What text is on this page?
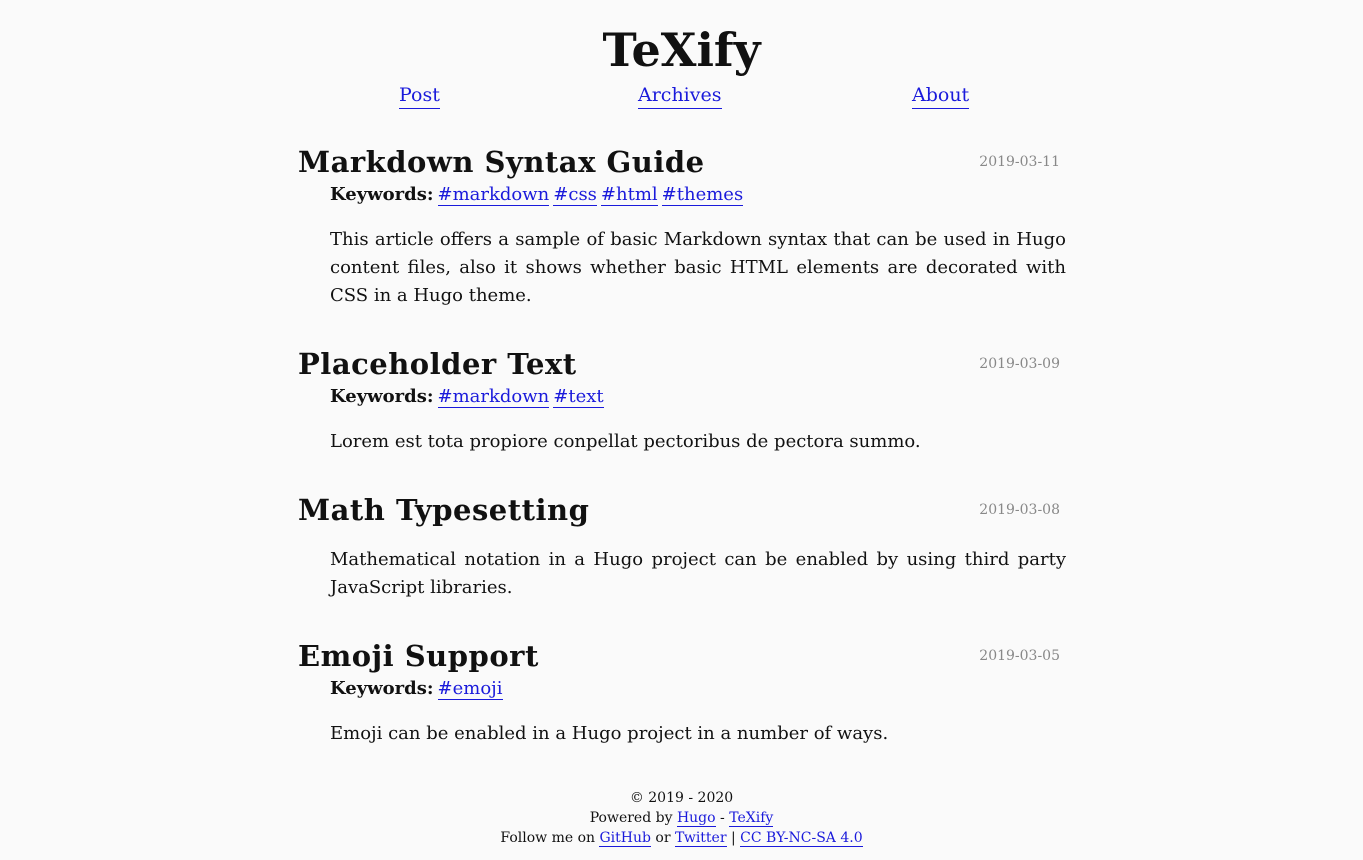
TeXify
Post	Archives	About
Markdown Syntax Guide	2019-03-11
Keywords: #markdown #css #html #themes

This article offers a sample of basic Markdown syntax that can be used in Hugo content files, also it shows whether basic HTML elements are decorated with CSS in a Hugo theme.

Placeholder Text	2019-03-09
Keywords: #markdown #text

Lorem est tota propiore conpellat pectoribus de pectora summo.

Math Typesetting	2019-03-08

Mathematical notation in a Hugo project can be enabled by using third party JavaScript libraries.

Emoji Support	2019-03-05
Keywords: #emoji

Emoji can be enabled in a Hugo project in a number of ways.

© 2019 - 2020
Powered by Hugo - TeXify
Follow me on GitHub or Twitter | CC BY-NC-SA 4.0
